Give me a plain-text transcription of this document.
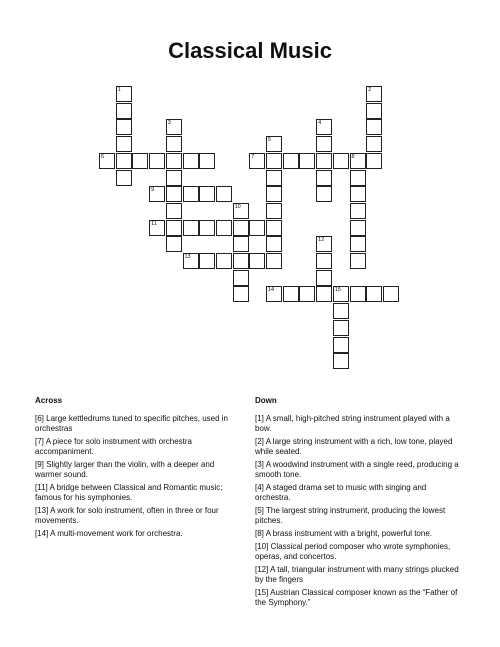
Classical Music
1	2
3	4
5
6	7	8
9
10
11
12
13
14	15
Across	Down
[6] Large kettledrums tuned to specific pitches, used in orchestras
[7] A piece for solo instrument with orchestra accompaniment.
[9] Slightly larger than the violin, with a deeper and warmer sound.
[11] A bridge between Classical and Romantic music; famous for his symphonies.
[13] A work for solo instrument, often in three or four movements.
[14] A multi-movement work for orchestra.
[1] A small, high-pitched string instrument played with a bow.
[2] A large string instrument with a rich, low tone, played while seated.
[3] A woodwind instrument with a single reed, producing a smooth tone.
[4] A staged drama set to music with singing and orchestra.
[5] The largest string instrument, producing the lowest pitches.
[8] A brass instrument with a bright, powerful tone.
[10] Classical period composer who wrote symphonies, operas, and concertos.
[12] A tall, triangular instrument with many strings plucked by the fingers
[15] Austrian Classical composer known as the “Father of the Symphony.”
